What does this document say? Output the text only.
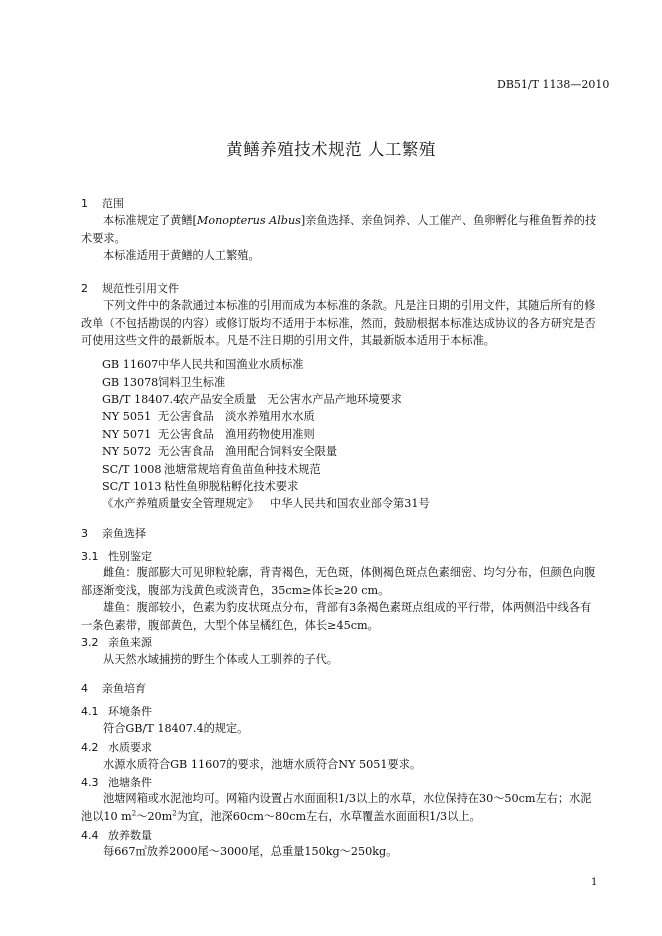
DB51/T 1138—2010
黄鳝养殖技术规范 人工繁殖
1 范围
本标准规定了黄鳝[Monopterus Albus]亲鱼选择、亲鱼饲养、人工催产、鱼卵孵化与稚鱼暂养的技术要求。
本标准适用于黄鳝的人工繁殖。
2 规范性引用文件
下列文件中的条款通过本标准的引用而成为本标准的条款。凡是注日期的引用文件，其随后所有的修改单（不包括勘误的内容）或修订版均不适用于本标准，然而，鼓励根据本标准达成协议的各方研究是否可使用这些文件的最新版本。凡是不注日期的引用文件，其最新版本适用于本标准。
GB 11607中华人民共和国渔业水质标准
GB 13078饲料卫生标准
GB/T 18407.4农产品安全质量　无公害水产品产地环境要求
NY 5051 无公害食品　淡水养殖用水水质
NY 5071 无公害食品　渔用药物使用准则
NY 5072 无公害食品　渔用配合饲料安全限量
SC/T 1008 池塘常规培育鱼苗鱼种技术规范
SC/T 1013 粘性鱼卵脱粘孵化技术要求
《水产养殖质量安全管理规定》 中华人民共和国农业部令第31号
3 亲鱼选择
3.1 性别鉴定
雌鱼：腹部膨大可见卵粒轮廓，背青褐色，无色斑，体侧褐色斑点色素细密、均匀分布，但颜色向腹部逐渐变浅，腹部为浅黄色或淡青色，35cm≥体长≥20 cm。
雄鱼：腹部较小，色素为豹皮状斑点分布，背部有3条褐色素斑点组成的平行带，体两侧沿中线各有一条色素带，腹部黄色，大型个体呈橘红色，体长≥45cm。
3.2 亲鱼来源
从天然水域捕捞的野生个体或人工驯养的子代。
4 亲鱼培育
4.1 环境条件
符合GB/T 18407.4的规定。
4.2 水质要求
水源水质符合GB 11607的要求，池塘水质符合NY 5051要求。
4.3 池塘条件
池塘网箱或水泥池均可。网箱内设置占水面面积1/3以上的水草，水位保持在30～50cm左右；水泥
池以10 $m^2\sim 20m^2$为宜，池深60cm～80cm左右，水草覆盖水面面积1/3以上。
4.4 放养数量
每667㎡放养2000尾～3000尾，总重量150kg～250kg。
1
